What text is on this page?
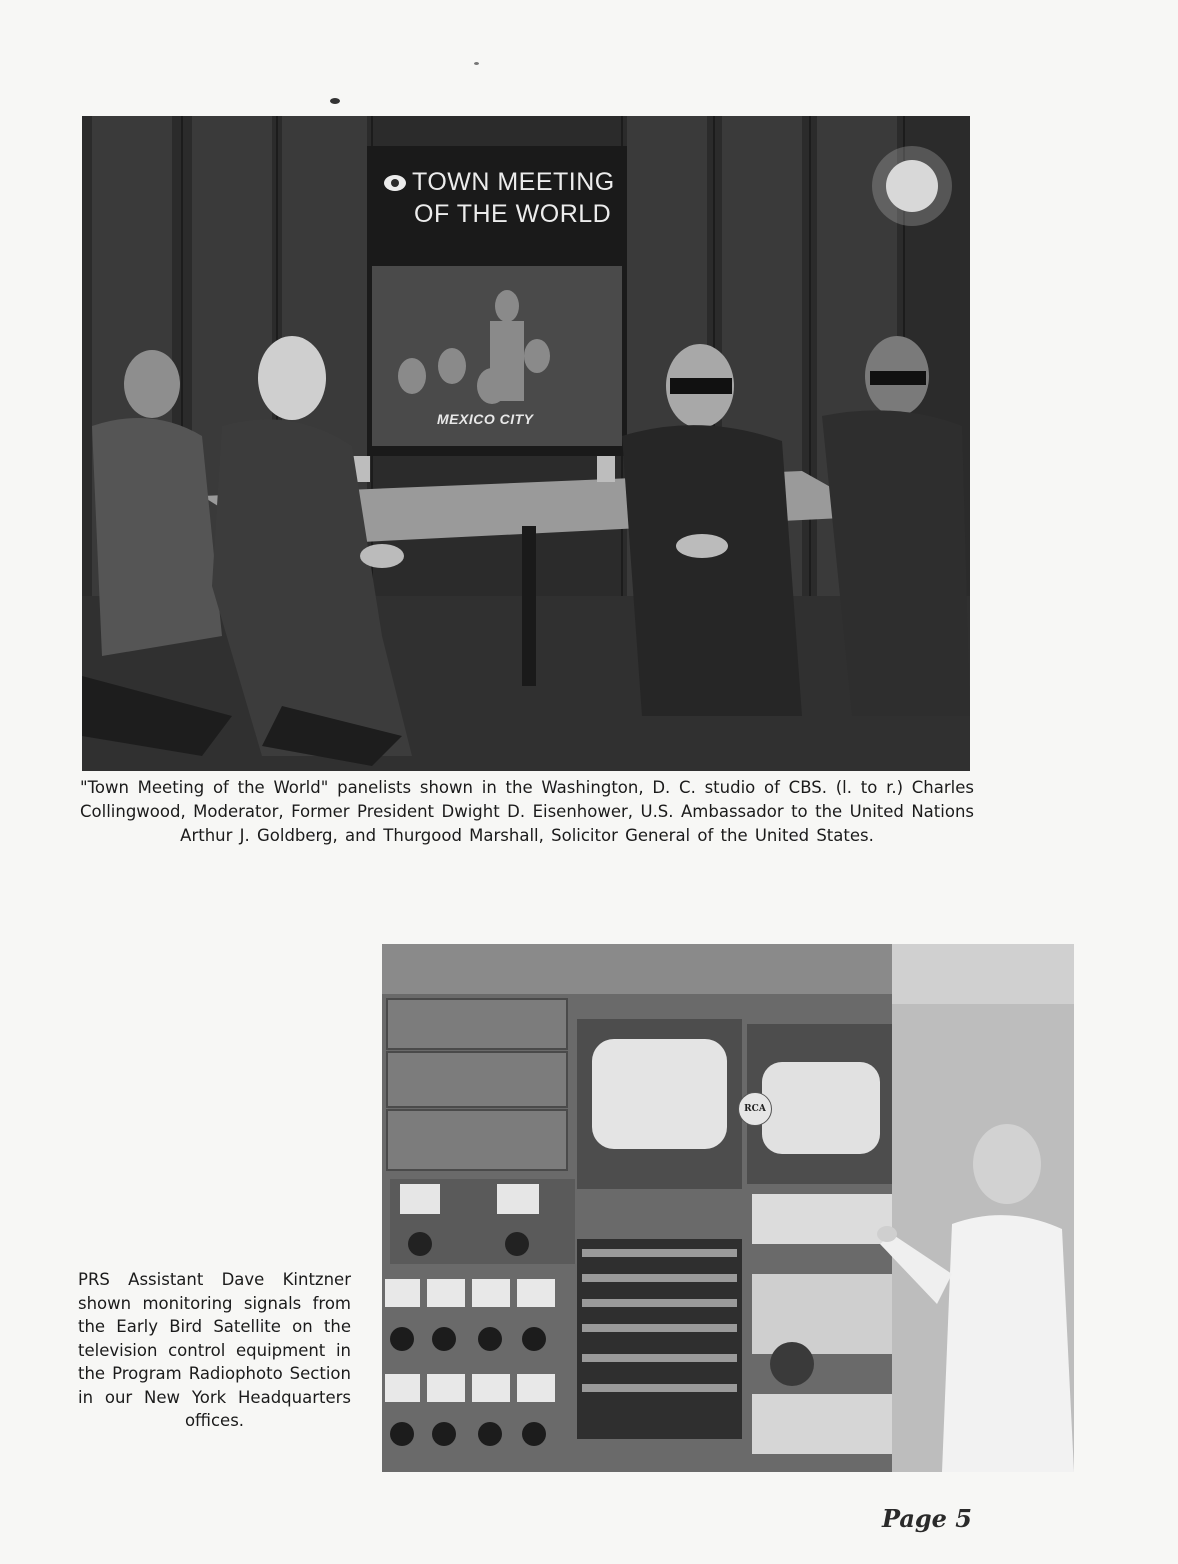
TOWN MEETING
OF THE WORLD
MEXICO CITY
"Town Meeting of the World" panelists shown in the Washington, D. C. studio of CBS. (l. to r.) Charles Collingwood, Moderator, Former President Dwight D. Eisenhower, U.S. Ambassador to the United Nations Arthur J. Goldberg, and Thurgood Marshall, Solicitor General of the United States.
RCA
PRS Assistant Dave Kintzner shown monitoring signals from the Early Bird Satellite on the television control equipment in the Program Radiophoto Section in our New York Headquarters offices.
Page 5
